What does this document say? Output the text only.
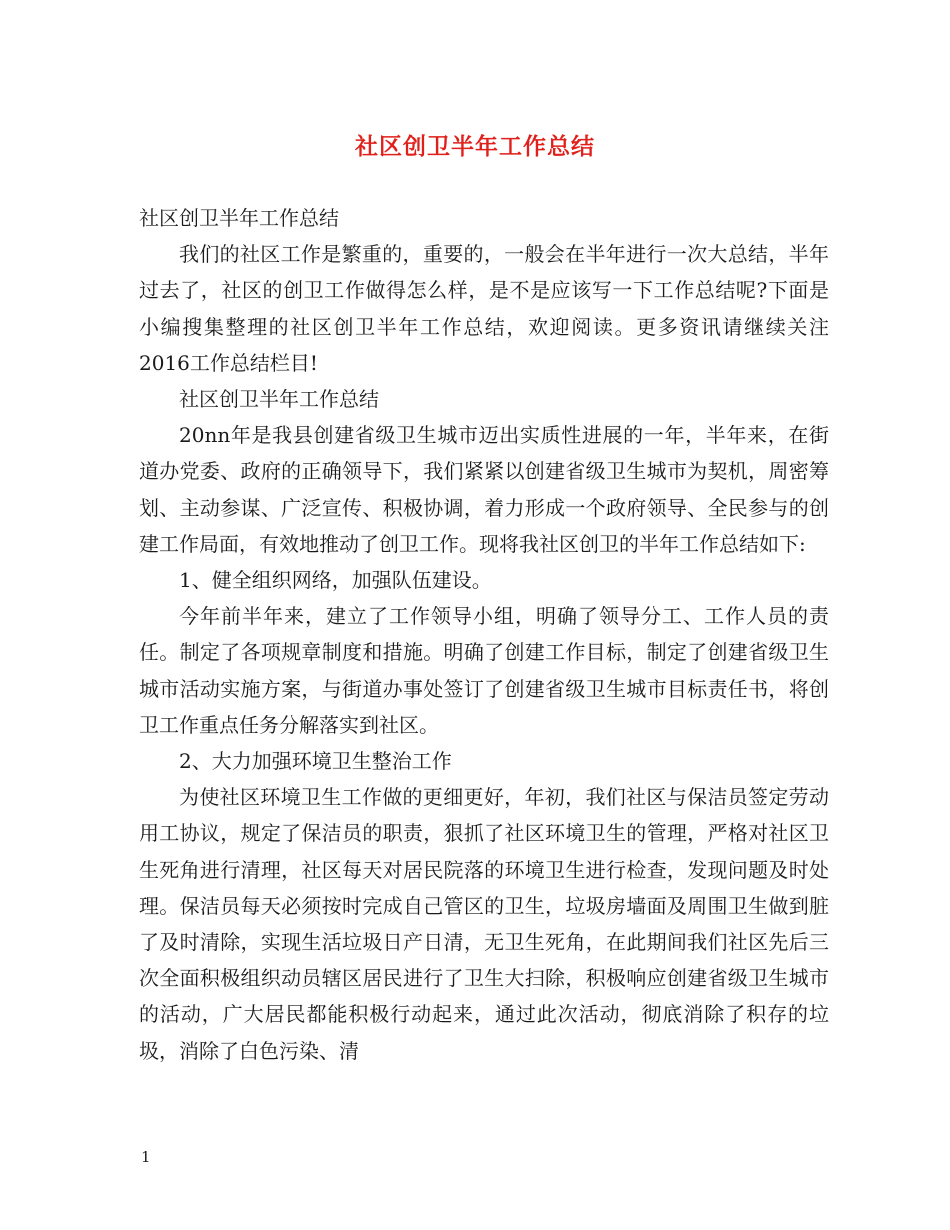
社区创卫半年工作总结

社区创卫半年工作总结

我们的社区工作是繁重的，重要的，一般会在半年进行一次大总结，半年过去了，社区的创卫工作做得怎么样，是不是应该写一下工作总结呢?下面是小编搜集整理的社区创卫半年工作总结，欢迎阅读。更多资讯请继续关注2016工作总结栏目!

社区创卫半年工作总结

20nn年是我县创建省级卫生城市迈出实质性进展的一年，半年来，在街道办党委、政府的正确领导下，我们紧紧以创建省级卫生城市为契机，周密筹划、主动参谋、广泛宣传、积极协调，着力形成一个政府领导、全民参与的创建工作局面，有效地推动了创卫工作。现将我社区创卫的半年工作总结如下:

1、健全组织网络，加强队伍建设。

今年前半年来，建立了工作领导小组，明确了领导分工、工作人员的责任。制定了各项规章制度和措施。明确了创建工作目标，制定了创建省级卫生城市活动实施方案，与街道办事处签订了创建省级卫生城市目标责任书，将创卫工作重点任务分解落实到社区。

2、大力加强环境卫生整治工作

为使社区环境卫生工作做的更细更好，年初，我们社区与保洁员签定劳动用工协议，规定了保洁员的职责，狠抓了社区环境卫生的管理，严格对社区卫生死角进行清理，社区每天对居民院落的环境卫生进行检查，发现问题及时处理。保洁员每天必须按时完成自己管区的卫生，垃圾房墙面及周围卫生做到脏了及时清除，实现生活垃圾日产日清，无卫生死角，在此期间我们社区先后三次全面积极组织动员辖区居民进行了卫生大扫除，积极响应创建省级卫生城市的活动，广大居民都能积极行动起来，通过此次活动，彻底消除了积存的垃圾，消除了白色污染、清

1
